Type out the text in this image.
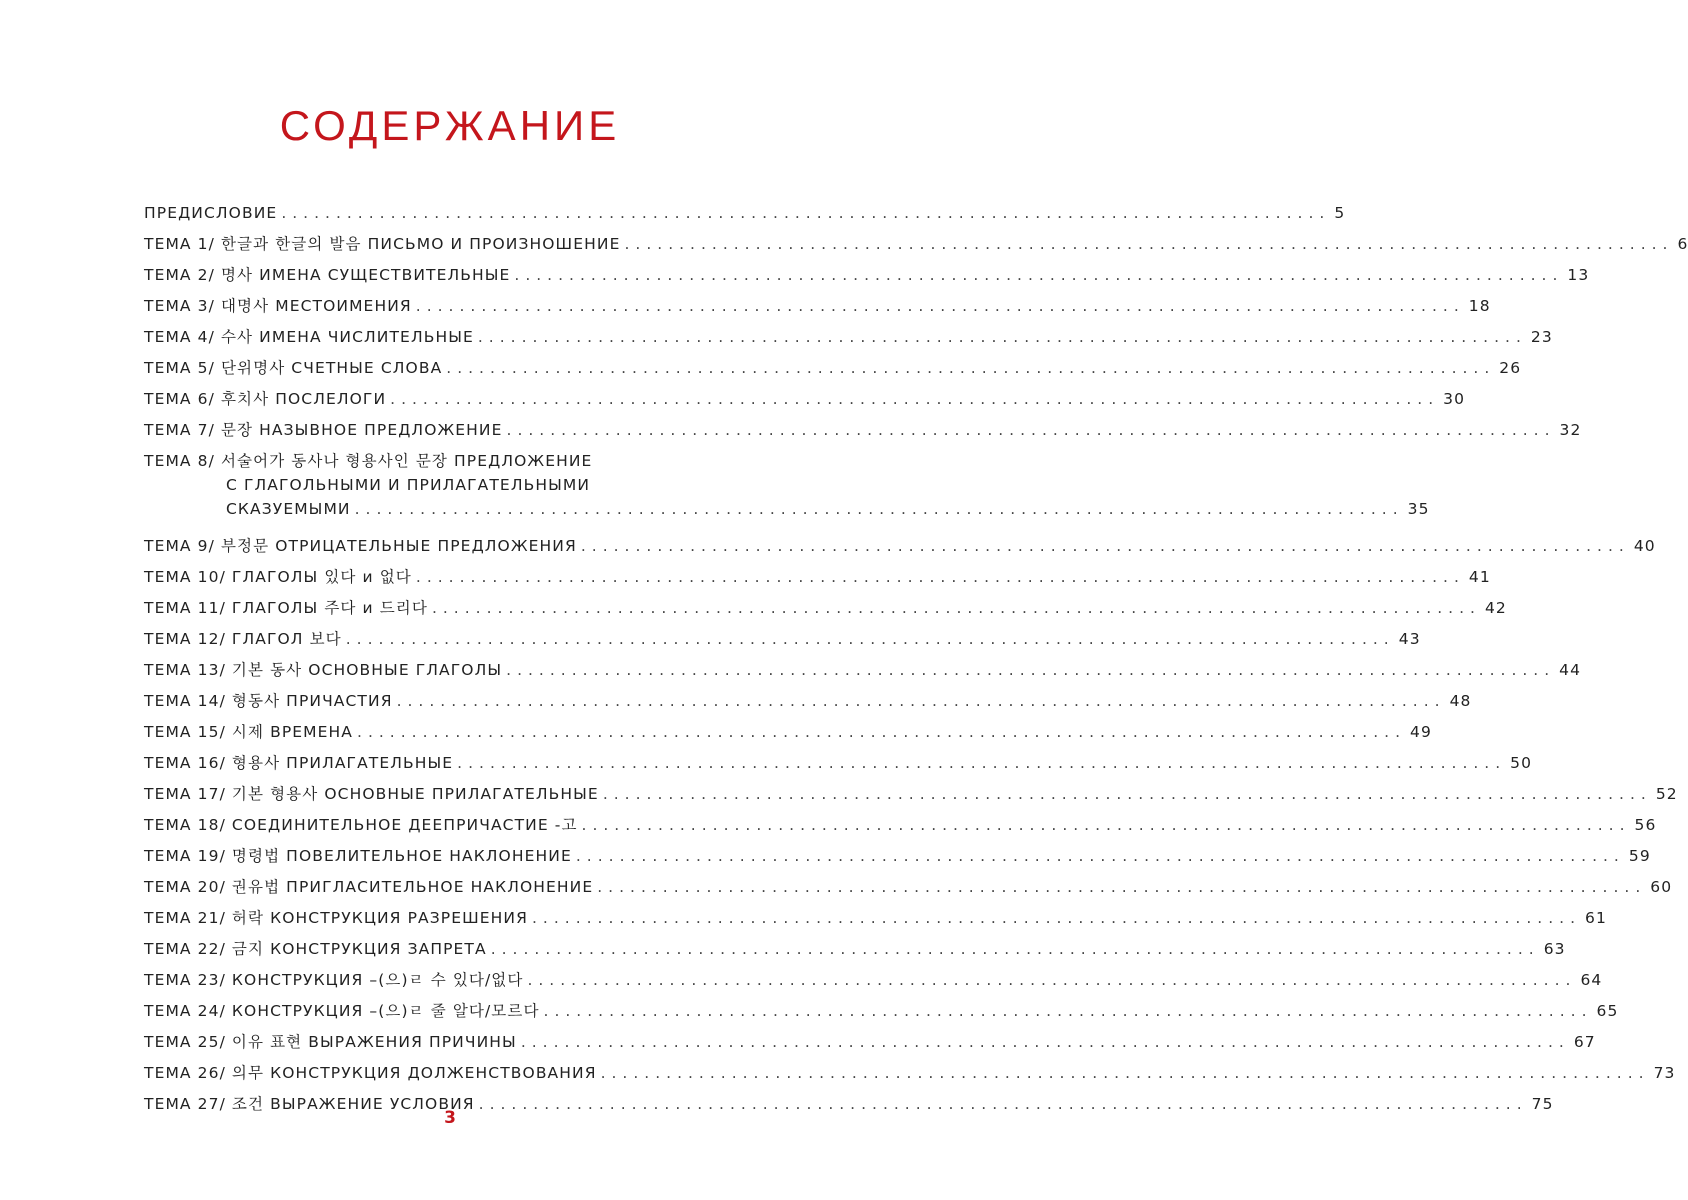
СОДЕРЖАНИЕ
ПРЕДИСЛОВИЕ ................................................................................................ 5
ТЕМА 1/ 한글과 한글의 발음 ПИСЬМО И ПРОИЗНОШЕНИЕ ................................................................................................ 6
ТЕМА 2/ 명사 ИМЕНА СУЩЕСТВИТЕЛЬНЫЕ ................................................................................................ 13
ТЕМА 3/ 대명사 МЕСТОИМЕНИЯ ................................................................................................ 18
ТЕМА 4/ 수사 ИМЕНА ЧИСЛИТЕЛЬНЫЕ ................................................................................................ 23
ТЕМА 5/ 단위명사 СЧЕТНЫЕ СЛОВА ................................................................................................ 26
ТЕМА 6/ 후치사 ПОСЛЕЛОГИ ................................................................................................ 30
ТЕМА 7/ 문장 НАЗЫВНОЕ ПРЕДЛОЖЕНИЕ ................................................................................................ 32
ТЕМА 8/ 서술어가 동사나 형용사인 문장 ПРЕДЛОЖЕНИЕ
С ГЛАГОЛЬНЫМИ И ПРИЛАГАТЕЛЬНЫМИ
СКАЗУЕМЫМИ ................................................................................................ 35
ТЕМА 9/ 부정문 ОТРИЦАТЕЛЬНЫЕ ПРЕДЛОЖЕНИЯ ................................................................................................ 40
ТЕМА 10/ ГЛАГОЛЫ 있다 и 없다 ................................................................................................ 41
ТЕМА 11/ ГЛАГОЛЫ 주다 и 드리다 ................................................................................................ 42
ТЕМА 12/ ГЛАГОЛ 보다 ................................................................................................ 43
ТЕМА 13/ 기본 동사 ОСНОВНЫЕ ГЛАГОЛЫ ................................................................................................ 44
ТЕМА 14/ 형동사 ПРИЧАСТИЯ ................................................................................................ 48
ТЕМА 15/ 시제 ВРЕМЕНА ................................................................................................ 49
ТЕМА 16/ 형용사 ПРИЛАГАТЕЛЬНЫЕ ................................................................................................ 50
ТЕМА 17/ 기본 형용사 ОСНОВНЫЕ ПРИЛАГАТЕЛЬНЫЕ ................................................................................................ 52
ТЕМА 18/ СОЕДИНИТЕЛЬНОЕ ДЕЕПРИЧАСТИЕ -고 ................................................................................................ 56
ТЕМА 19/ 명령법 ПОВЕЛИТЕЛЬНОЕ НАКЛОНЕНИЕ ................................................................................................ 59
ТЕМА 20/ 권유법 ПРИГЛАСИТЕЛЬНОЕ НАКЛОНЕНИЕ ................................................................................................ 60
ТЕМА 21/ 허락 КОНСТРУКЦИЯ РАЗРЕШЕНИЯ ................................................................................................ 61
ТЕМА 22/ 금지 КОНСТРУКЦИЯ ЗАПРЕТА ................................................................................................ 63
ТЕМА 23/ КОНСТРУКЦИЯ –(으)ㄹ 수 있다/없다 ................................................................................................ 64
ТЕМА 24/ КОНСТРУКЦИЯ –(으)ㄹ 줄 알다/모르다 ................................................................................................ 65
ТЕМА 25/ 이유 표현 ВЫРАЖЕНИЯ ПРИЧИНЫ ................................................................................................ 67
ТЕМА 26/ 의무 КОНСТРУКЦИЯ ДОЛЖЕНСТВОВАНИЯ ................................................................................................ 73
ТЕМА 27/ 조건 ВЫРАЖЕНИЕ УСЛОВИЯ ................................................................................................ 75
3
